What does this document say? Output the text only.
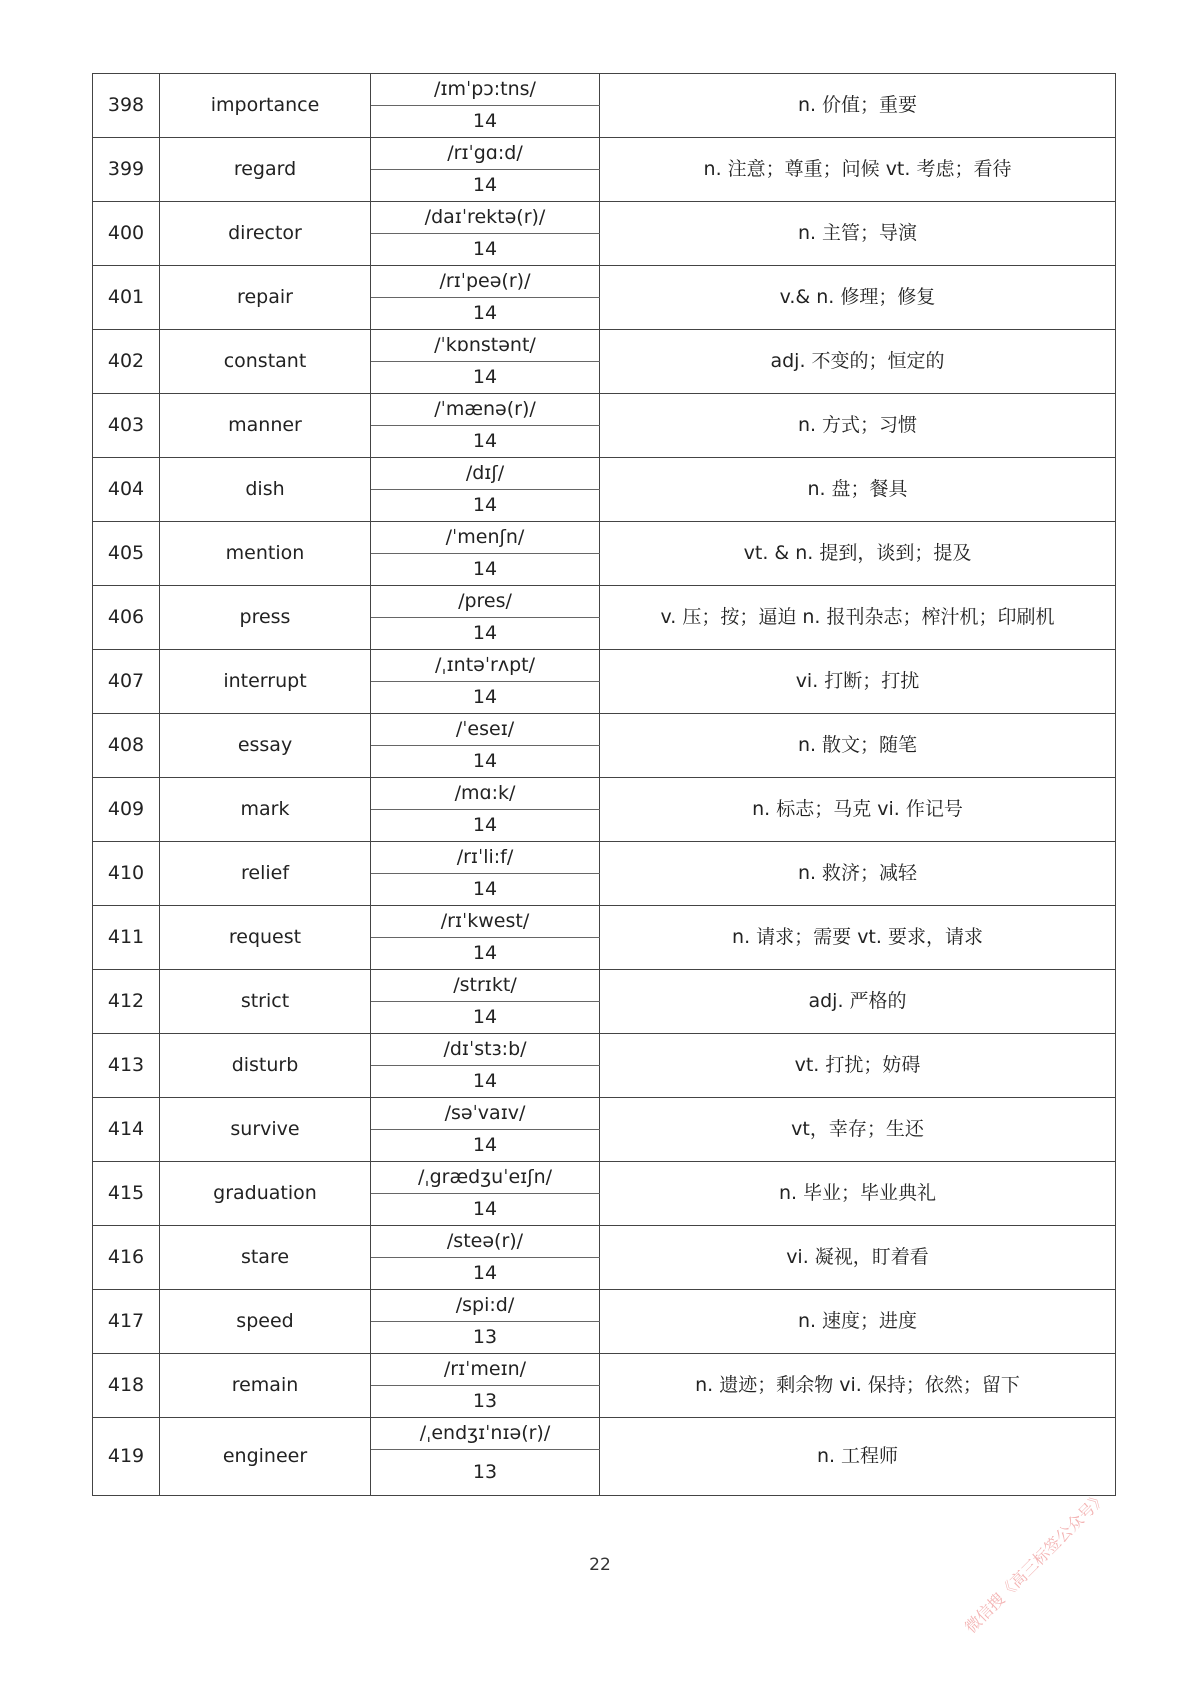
398	importance	/ɪmˈpɔ:tns/	n. 价值；重要
		14	
399	regard	/rɪˈgɑ:d/	n. 注意；尊重；问候 vt. 考虑；看待
		14	
400	director	/daɪˈrektə(r)/	n. 主管；导演
		14	
401	repair	/rɪˈpeə(r)/	v.& n. 修理；修复
		14	
402	constant	/ˈkɒnstənt/	adj. 不变的；恒定的
		14	
403	manner	/ˈmænə(r)/	n. 方式；习惯
		14	
404	dish	/dɪʃ/	n. 盘；餐具
		14	
405	mention	/ˈmenʃn/	vt. & n. 提到，谈到；提及
		14	
406	press	/pres/	v. 压；按；逼迫 n. 报刊杂志；榨汁机；印刷机
		14	
407	interrupt	/ˌɪntəˈrʌpt/	vi. 打断；打扰
		14	
408	essay	/ˈeseɪ/	n. 散文；随笔
		14	
409	mark	/mɑ:k/	n. 标志；马克 vi. 作记号
		14	
410	relief	/rɪˈli:f/	n. 救济；减轻
		14	
411	request	/rɪˈkwest/	n. 请求；需要 vt. 要求，请求
		14	
412	strict	/strɪkt/	adj. 严格的
		14	
413	disturb	/dɪˈstɜ:b/	vt. 打扰；妨碍
		14	
414	survive	/səˈvaɪv/	vt，幸存；生还
		14	
415	graduation	/ˌgrædʒuˈeɪʃn/	n. 毕业；毕业典礼
		14	
416	stare	/steə(r)/	vi. 凝视，盯着看
		14	
417	speed	/spi:d/	n. 速度；进度
		13	
418	remain	/rɪˈmeɪn/	n. 遗迹；剩余物 vi. 保持；依然；留下
		13	
419	engineer	/ˌendʒɪˈnɪə(r)/	n. 工程师
		13	
22	微信搜《高三标签公众号》
